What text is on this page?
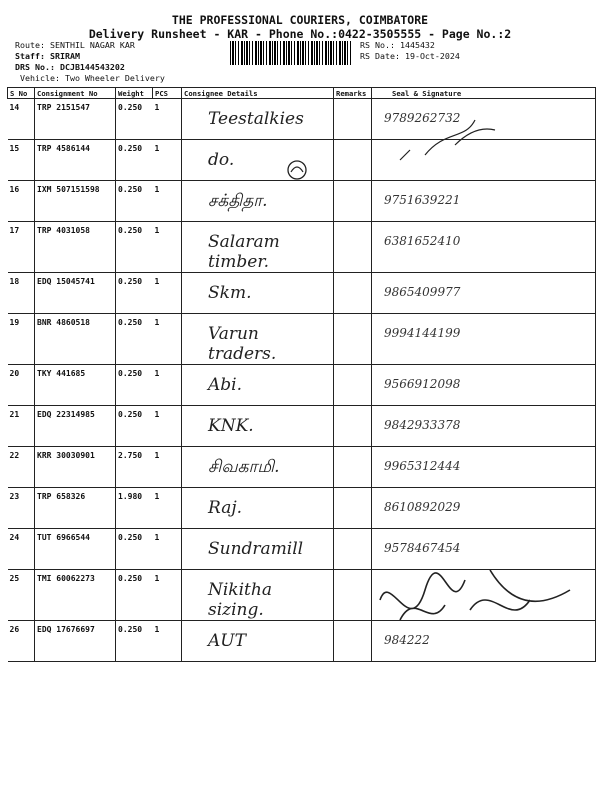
THE PROFESSIONAL COURIERS, COIMBATORE
Delivery Runsheet - KAR - Phone No.:0422-3505555 - Page No.:2
Route: SENTHIL NAGAR KAR
Staff: SRIRAM
DRS No.: DCJB144543202
Vehicle: Two Wheeler Delivery
RS No.: 1445432
RS Date: 19-Oct-2024
S No	Consignment No	Weight	PCS	Consignee Details	Remarks	Seal & Signature
14	TRP 2151547	0.250	1	Teestalkies		9789262732
15	TRP 4586144	0.250	1	do.		
16	IXM 507151598	0.250	1	சக்திதா.		9751639221
17	TRP 4031058	0.250	1	Salaram timber.		6381652410
18	EDQ 15045741	0.250	1	Skm.		9865409977
19	BNR 4860518	0.250	1	Varun traders.		9994144199
20	TKY 441685	0.250	1	Abi.		9566912098
21	EDQ 22314985	0.250	1	KNK.		9842933378
22	KRR 30030901	2.750	1	சிவகாமி.		9965312444
23	TRP 658326	1.980	1	Raj.		8610892029
24	TUT 6966544	0.250	1	Sundramill		9578467454
25	TMI 60062273	0.250	1	Nikitha sizing.		
26	EDQ 17676697	0.250	1	AUT		984222
